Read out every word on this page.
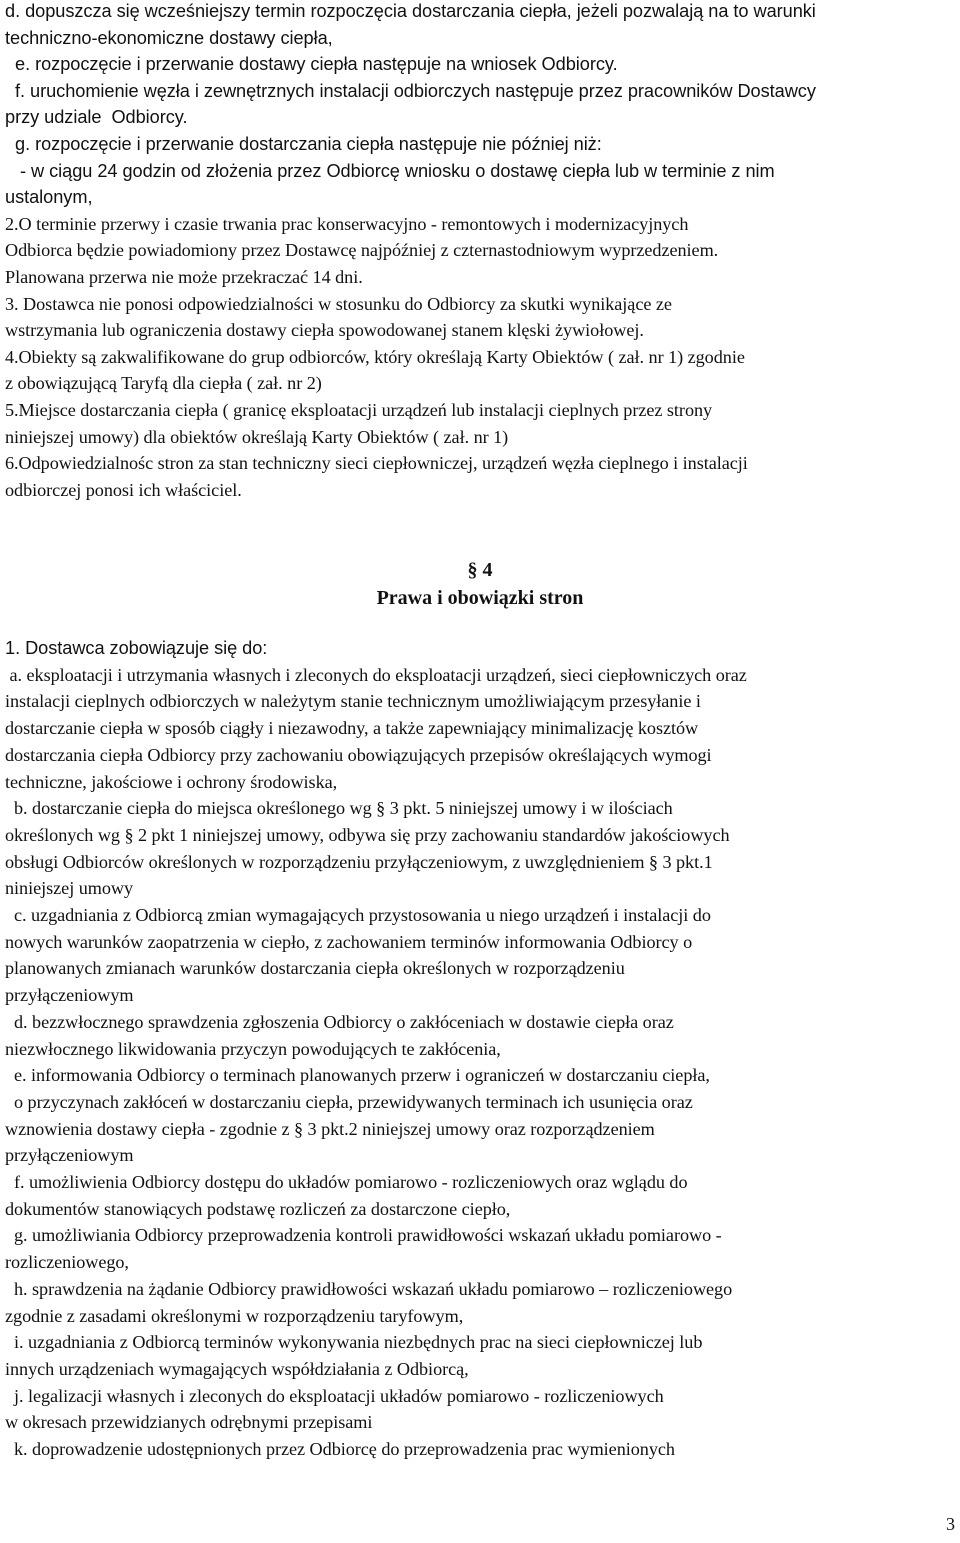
d. dopuszcza się wcześniejszy termin rozpoczęcia dostarczania ciepła, jeżeli pozwalają na to warunki
techniczno-ekonomiczne dostawy ciepła,
e. rozpoczęcie i przerwanie dostawy ciepła następuje na wniosek Odbiorcy.
f. uruchomienie węzła i zewnętrznych instalacji odbiorczych następuje przez pracowników Dostawcy
przy udziale  Odbiorcy.
g. rozpoczęcie i przerwanie dostarczania ciepła następuje nie później niż:
- w ciągu 24 godzin od złożenia przez Odbiorcę wniosku o dostawę ciepła lub w terminie z nim
ustalonym,
2.O terminie przerwy i czasie trwania prac konserwacyjno - remontowych i modernizacyjnych
Odbiorca będzie powiadomiony przez Dostawcę najpóźniej z czternastodniowym wyprzedzeniem.
Planowana przerwa nie może przekraczać 14 dni.
3. Dostawca nie ponosi odpowiedzialności w stosunku do Odbiorcy za skutki wynikające ze
wstrzymania lub ograniczenia dostawy ciepła spowodowanej stanem klęski żywiołowej.
4.Obiekty są zakwalifikowane do grup odbiorców, który określają Karty Obiektów ( zał. nr 1) zgodnie
z obowiązującą Taryfą dla ciepła ( zał. nr 2)
5.Miejsce dostarczania ciepła ( granicę eksploatacji urządzeń lub instalacji cieplnych przez strony
niniejszej umowy) dla obiektów określają Karty Obiektów ( zał. nr 1)
6.Odpowiedzialnośc stron za stan techniczny sieci ciepłowniczej, urządzeń węzła cieplnego i instalacji
odbiorczej ponosi ich właściciel.
§ 4
Prawa i obowiązki stron
1. Dostawca zobowiązuje się do:
a. eksploatacji i utrzymania własnych i zleconych do eksploatacji urządzeń, sieci ciepłowniczych oraz
instalacji cieplnych odbiorczych w należytym stanie technicznym umożliwiającym przesyłanie i
dostarczanie ciepła w sposób ciągły i niezawodny, a także zapewniający minimalizację kosztów
dostarczania ciepła Odbiorcy przy zachowaniu obowiązujących przepisów określających wymogi
techniczne, jakościowe i ochrony środowiska,
b. dostarczanie ciepła do miejsca określonego wg § 3 pkt. 5 niniejszej umowy i w ilościach
określonych wg § 2 pkt 1 niniejszej umowy, odbywa się przy zachowaniu standardów jakościowych
obsługi Odbiorców określonych w rozporządzeniu przyłączeniowym, z uwzględnieniem § 3 pkt.1
niniejszej umowy
c. uzgadniania z Odbiorcą zmian wymagających przystosowania u niego urządzeń i instalacji do
nowych warunków zaopatrzenia w ciepło, z zachowaniem terminów informowania Odbiorcy o
planowanych zmianach warunków dostarczania ciepła określonych w rozporządzeniu
przyłączeniowym
d. bezzwłocznego sprawdzenia zgłoszenia Odbiorcy o zakłóceniach w dostawie ciepła oraz
niezwłocznego likwidowania przyczyn powodujących te zakłócenia,
e. informowania Odbiorcy o terminach planowanych przerw i ograniczeń w dostarczaniu ciepła,
o przyczynach zakłóceń w dostarczaniu ciepła, przewidywanych terminach ich usunięcia oraz
wznowienia dostawy ciepła - zgodnie z § 3 pkt.2 niniejszej umowy oraz rozporządzeniem
przyłączeniowym
f. umożliwienia Odbiorcy dostępu do układów pomiarowo - rozliczeniowych oraz wglądu do
dokumentów stanowiących podstawę rozliczeń za dostarczone ciepło,
g. umożliwiania Odbiorcy przeprowadzenia kontroli prawidłowości wskazań układu pomiarowo -
rozliczeniowego,
h. sprawdzenia na żądanie Odbiorcy prawidłowości wskazań układu pomiarowo – rozliczeniowego
zgodnie z zasadami określonymi w rozporządzeniu taryfowym,
i. uzgadniania z Odbiorcą terminów wykonywania niezbędnych prac na sieci ciepłowniczej lub
innych urządzeniach wymagających współdziałania z Odbiorcą,
j. legalizacji własnych i zleconych do eksploatacji układów pomiarowo - rozliczeniowych
w okresach przewidzianych odrębnymi przepisami
k. doprowadzenie udostępnionych przez Odbiorcę do przeprowadzenia prac wymienionych
3
